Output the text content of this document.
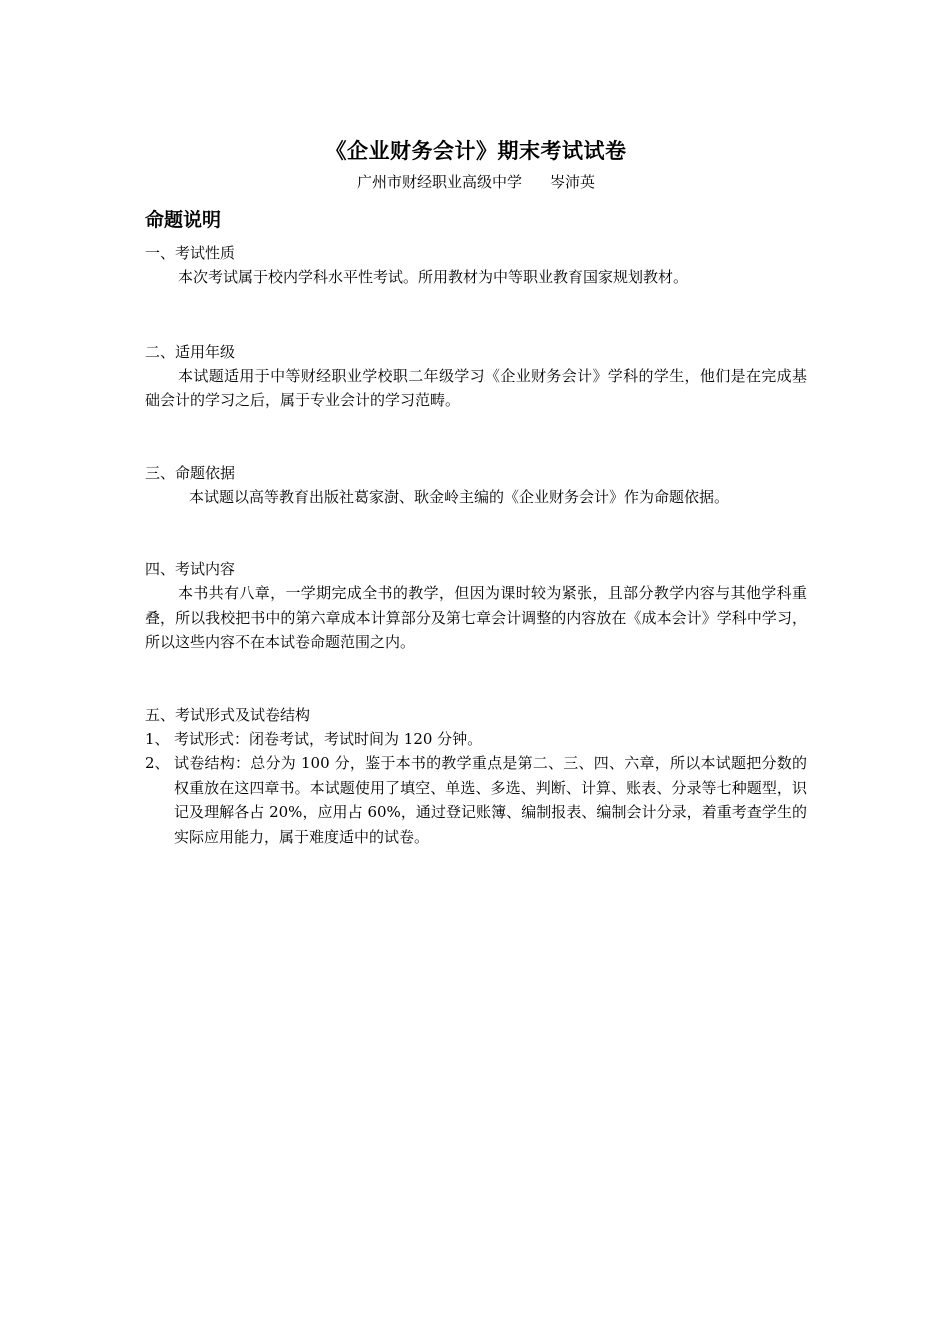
《企业财务会计》期末考试试卷

广州市财经职业高级中学 岑沛英

命题说明

一、考试性质

本次考试属于校内学科水平性考试。所用教材为中等职业教育国家规划教材。

二、适用年级

本试题适用于中等财经职业学校职二年级学习《企业财务会计》学科的学生，他们是在完成基础会计的学习之后，属于专业会计的学习范畴。

三、命题依据

本试题以高等教育出版社葛家澍、耿金岭主编的《企业财务会计》作为命题依据。

四、考试内容

本书共有八章，一学期完成全书的教学，但因为课时较为紧张，且部分教学内容与其他学科重叠，所以我校把书中的第六章成本计算部分及第七章会计调整的内容放在《成本会计》学科中学习，所以这些内容不在本试卷命题范围之内。

五、考试形式及试卷结构

1、 考试形式：闭卷考试，考试时间为 120 分钟。

2、 试卷结构：总分为 100 分，鉴于本书的教学重点是第二、三、四、六章，所以本试题把分数的权重放在这四章书。本试题使用了填空、单选、多选、判断、计算、账表、分录等七种题型，识记及理解各占 20%，应用占 60%，通过登记账簿、编制报表、编制会计分录，着重考查学生的实际应用能力，属于难度适中的试卷。
